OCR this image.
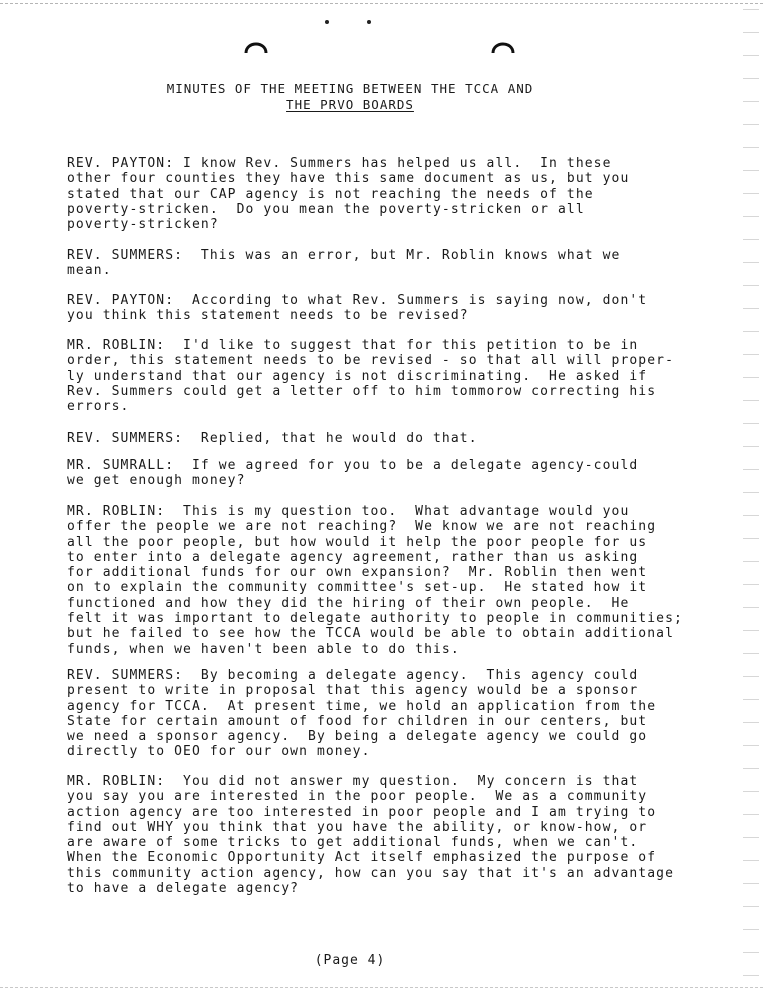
MINUTES OF THE MEETING BETWEEN THE TCCA AND
THE PRVO BOARDS
REV. PAYTON: I know Rev. Summers has helped us all.  In these
other four counties they have this same document as us, but you
stated that our CAP agency is not reaching the needs of the
poverty-stricken.  Do you mean the poverty-stricken or all
poverty-stricken?
REV. SUMMERS:  This was an error, but Mr. Roblin knows what we
mean.
REV. PAYTON:  According to what Rev. Summers is saying now, don't
you think this statement needs to be revised?
MR. ROBLIN:  I'd like to suggest that for this petition to be in
order, this statement needs to be revised - so that all will proper-
ly understand that our agency is not discriminating.  He asked if
Rev. Summers could get a letter off to him tommorow correcting his
errors.
REV. SUMMERS:  Replied, that he would do that.
MR. SUMRALL:  If we agreed for you to be a delegate agency-could
we get enough money?
MR. ROBLIN:  This is my question too.  What advantage would you
offer the people we are not reaching?  We know we are not reaching
all the poor people, but how would it help the poor people for us
to enter into a delegate agency agreement, rather than us asking
for additional funds for our own expansion?  Mr. Roblin then went
on to explain the community committee's set-up.  He stated how it
functioned and how they did the hiring of their own people.  He
felt it was important to delegate authority to people in communities;
but he failed to see how the TCCA would be able to obtain additional
funds, when we haven't been able to do this.
REV. SUMMERS:  By becoming a delegate agency.  This agency could
present to write in proposal that this agency would be a sponsor
agency for TCCA.  At present time, we hold an application from the
State for certain amount of food for children in our centers, but
we need a sponsor agency.  By being a delegate agency we could go
directly to OEO for our own money.
MR. ROBLIN:  You did not answer my question.  My concern is that
you say you are interested in the poor people.  We as a community
action agency are too interested in poor people and I am trying to
find out WHY you think that you have the ability, or know-how, or
are aware of some tricks to get additional funds, when we can't.
When the Economic Opportunity Act itself emphasized the purpose of
this community action agency, how can you say that it's an advantage
to have a delegate agency?
(Page 4)
